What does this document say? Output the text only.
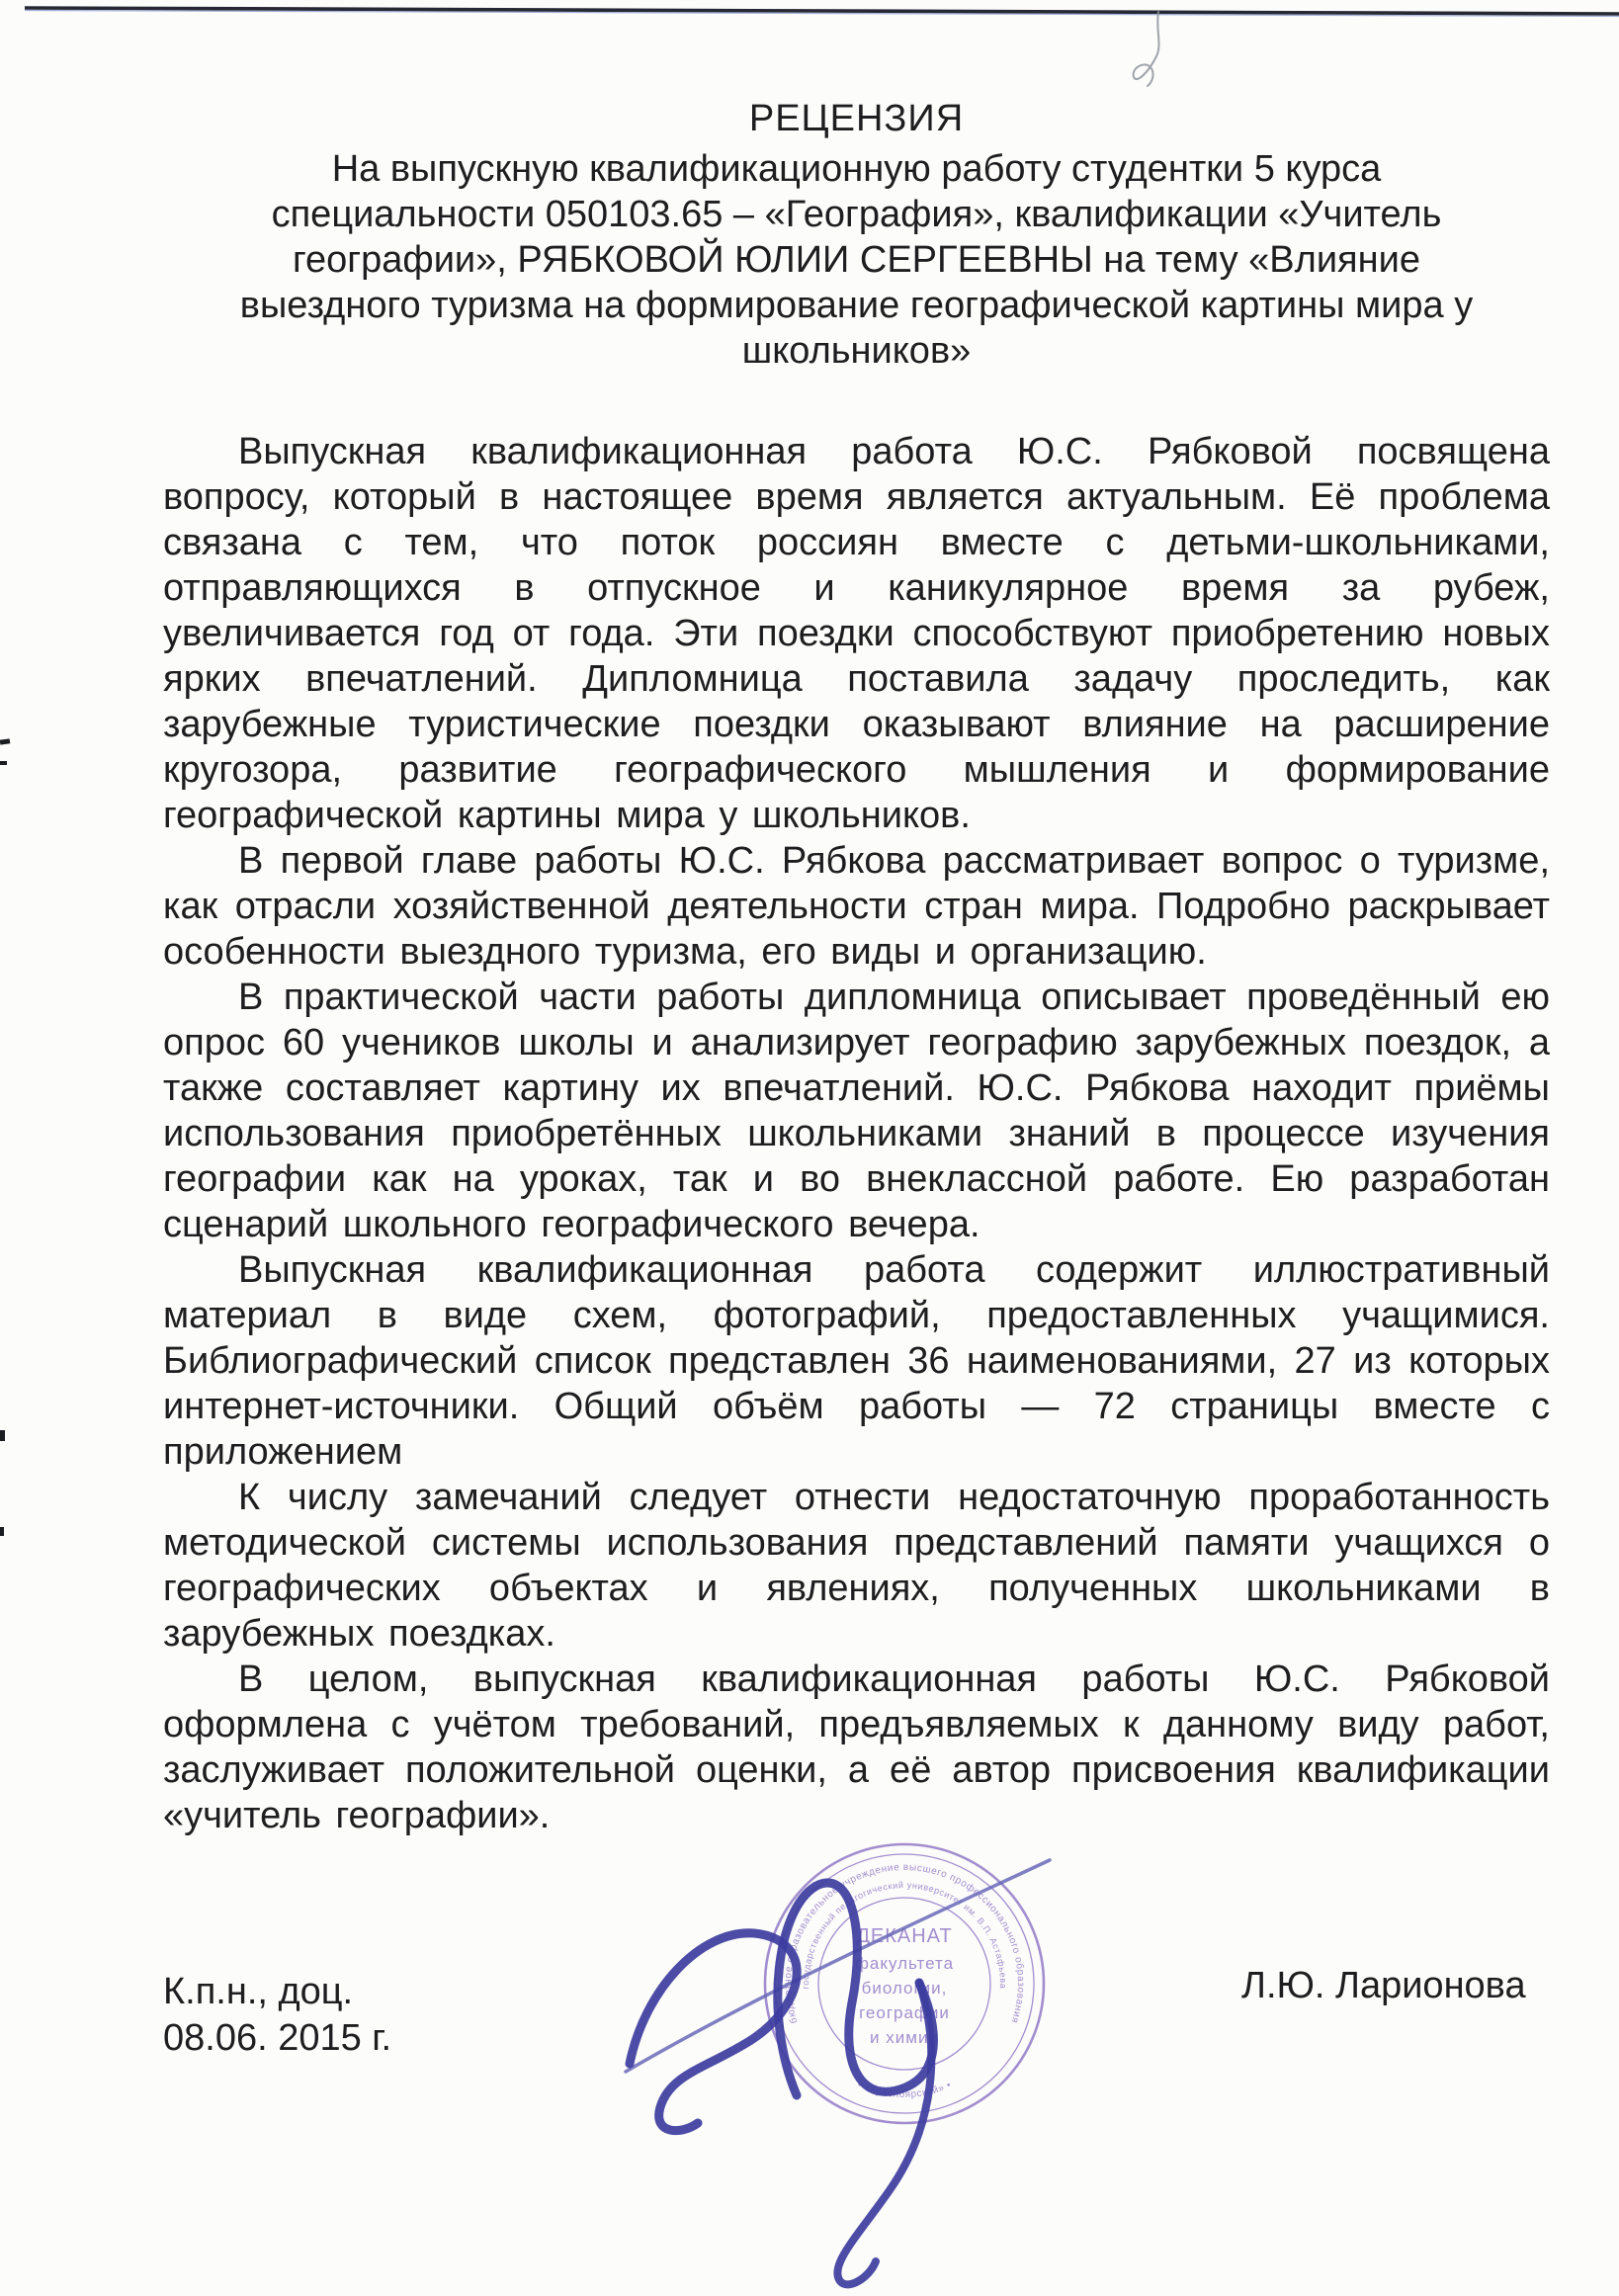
РЕЦЕНЗИЯ
На выпускную квалификационную работу студентки 5 курса
специальности 050103.65 – «География», квалификации «Учитель
географии», РЯБКОВОЙ ЮЛИИ СЕРГЕЕВНЫ на тему «Влияние
выездного туризма на формирование географической картины мира у
школьников»

Выпускная квалификационная работа Ю.С. Рябковой посвящена вопросу, который в настоящее время является актуальным. Её проблема связана с тем, что поток россиян вместе с детьми-школьниками, отправляющихся в отпускное и каникулярное время за рубеж, увеличивается год от года. Эти поездки способствуют приобретению новых ярких впечатлений. Дипломница поставила задачу проследить, как зарубежные туристические поездки оказывают влияние на расширение кругозора, развитие географического мышления и формирование географической картины мира у школьников.

В первой главе работы Ю.С. Рябкова рассматривает вопрос о туризме, как отрасли хозяйственной деятельности стран мира. Подробно раскрывает особенности выездного туризма, его виды и организацию.

В практической части работы дипломница описывает проведённый ею опрос 60 учеников школы и анализирует географию зарубежных поездок, а также составляет картину их впечатлений. Ю.С. Рябкова находит приёмы использования приобретённых школьниками знаний в процессе изучения географии как на уроках, так и во внеклассной работе. Ею разработан сценарий школьного географического вечера.

Выпускная квалификационная работа содержит иллюстративный материал в виде схем, фотографий, предоставленных учащимися. Библиографический список представлен 36 наименованиями, 27 из которых интернет-источники. Общий объём работы — 72 страницы вместе с приложением

К числу замечаний следует отнести недостаточную проработанность методической системы использования представлений памяти учащихся о географических объектах и явлениях, полученных школьниками в зарубежных поездках.

В целом, выпускная квалификационная работы Ю.С. Рябковой оформлена с учётом требований, предъявляемых к данному виду работ, заслуживает положительной оценки, а её автор присвоения квалификации «учитель географии».

К.п.н., доц.
08.06. 2015 г.
Л.Ю. Ларионова
бюджетное образовательное учреждение высшего профессионального образования
государственный педагогический университет им. В.П. Астафьева
• «Красноярский» •
ДЕКАНАТ
факультета
биологии,
географии
и химии
